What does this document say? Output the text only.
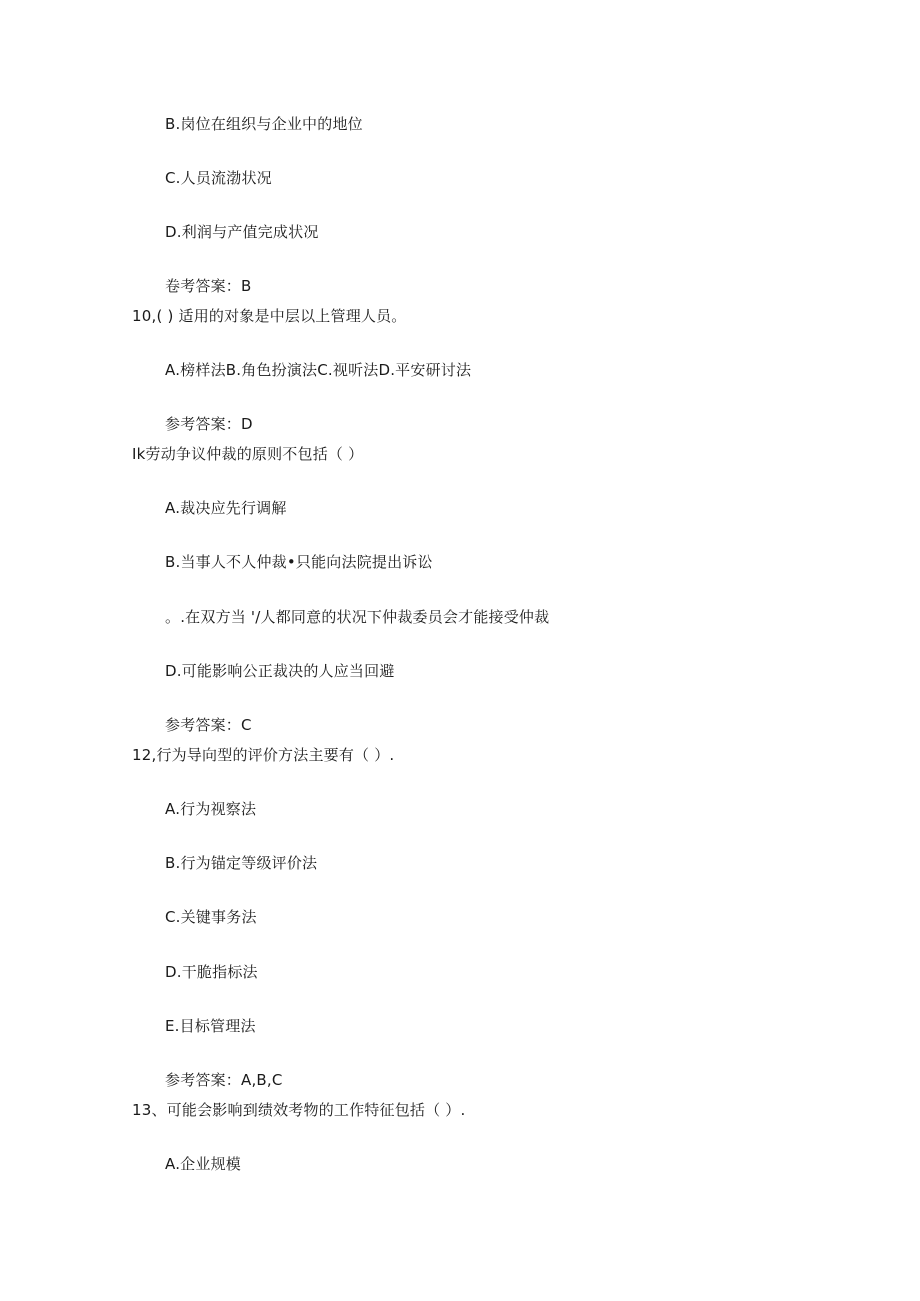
B.岗位在组织与企业中的地位
C.人员流渤状况
D.利润与产值完成状况
卷考答案：B
10,( ) 适用的对象是中层以上管理人员。
A.榜样法B.角色扮演法C.视听法D.平安研讨法
参考答案：D
Ik劳动争议仲裁的原则不包括（ ）
A.裁决应先行调解
B.当事人不人仲裁•只能向法院提出诉讼
。.在双方当 '/人都同意的状况下仲裁委员会才能接受仲裁
D.可能影响公正裁决的人应当回避
参考答案：C
12,行为导向型的评价方法主要有（ ）.
A.行为视察法
B.行为锚定等级评价法
C.关键事务法
D.干脆指标法
E.目标管理法
参考答案：A,B,C
13、可能会影响到绩效考物的工作特征包括（ ）.
A.企业规模
